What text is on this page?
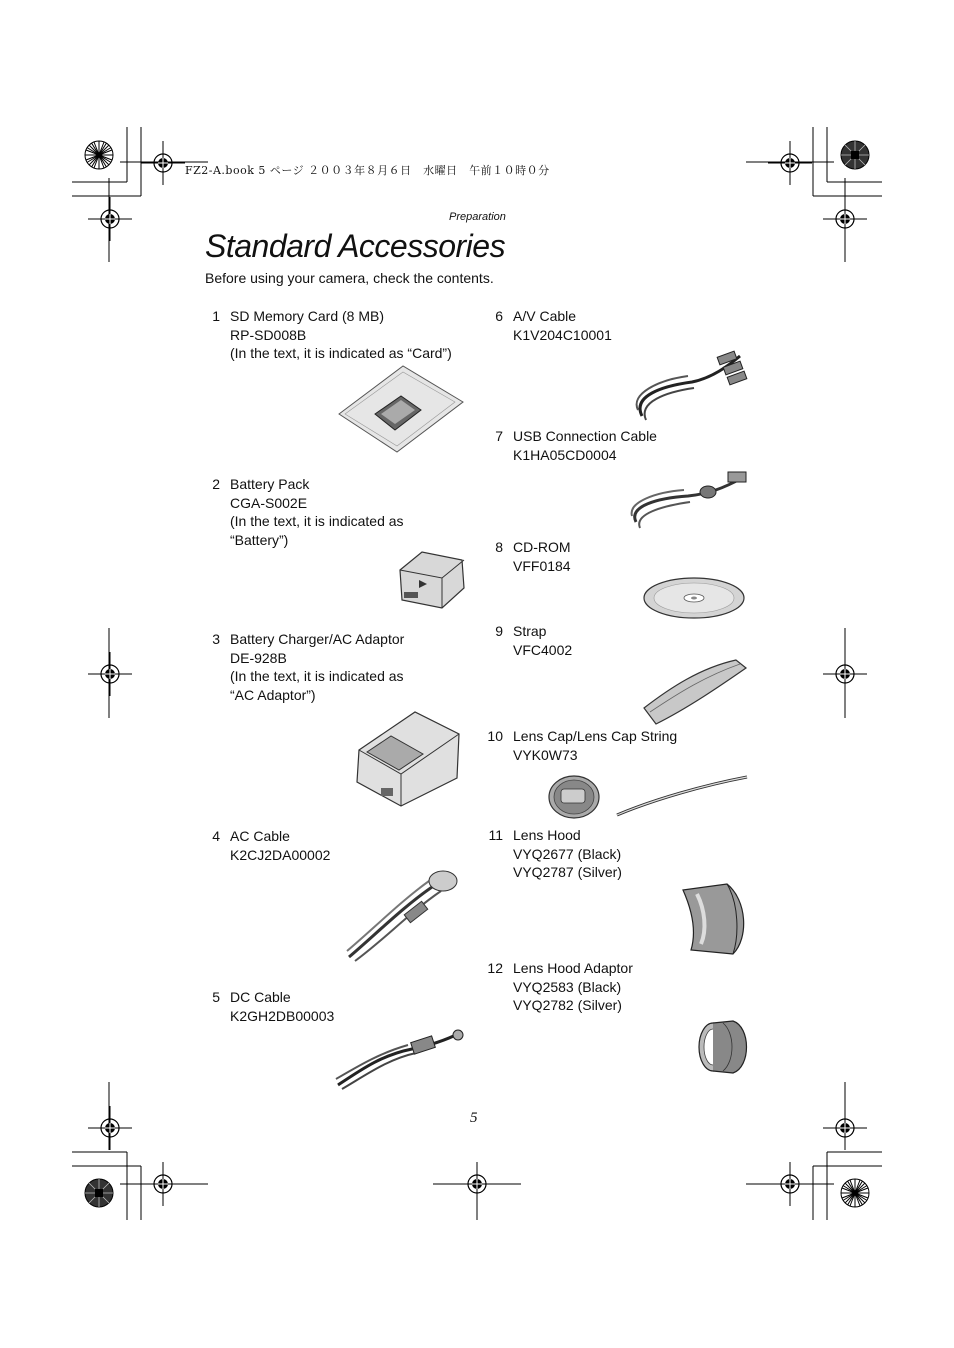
FZ2-A.book 5 ページ ２００３年８月６日　水曜日　午前１０時０分
Preparation
Standard Accessories
Before using your camera, check the contents.
1 SD Memory Card (8 MB)
RP-SD008B
(In the text, it is indicated as “Card”)
2 Battery Pack
CGA-S002E
(In the text, it is indicated as
“Battery”)
3 Battery Charger/AC Adaptor
DE-928B
(In the text, it is indicated as
“AC Adaptor”)
4 AC Cable
K2CJ2DA00002
5 DC Cable
K2GH2DB00003
6 A/V Cable
K1V204C10001
7 USB Connection Cable
K1HA05CD0004
8 CD-ROM
VFF0184
9 Strap
VFC4002
10 Lens Cap/Lens Cap String
VYK0W73
11 Lens Hood
VYQ2677 (Black)
VYQ2787 (Silver)
12 Lens Hood Adaptor
VYQ2583 (Black)
VYQ2782 (Silver)
5
